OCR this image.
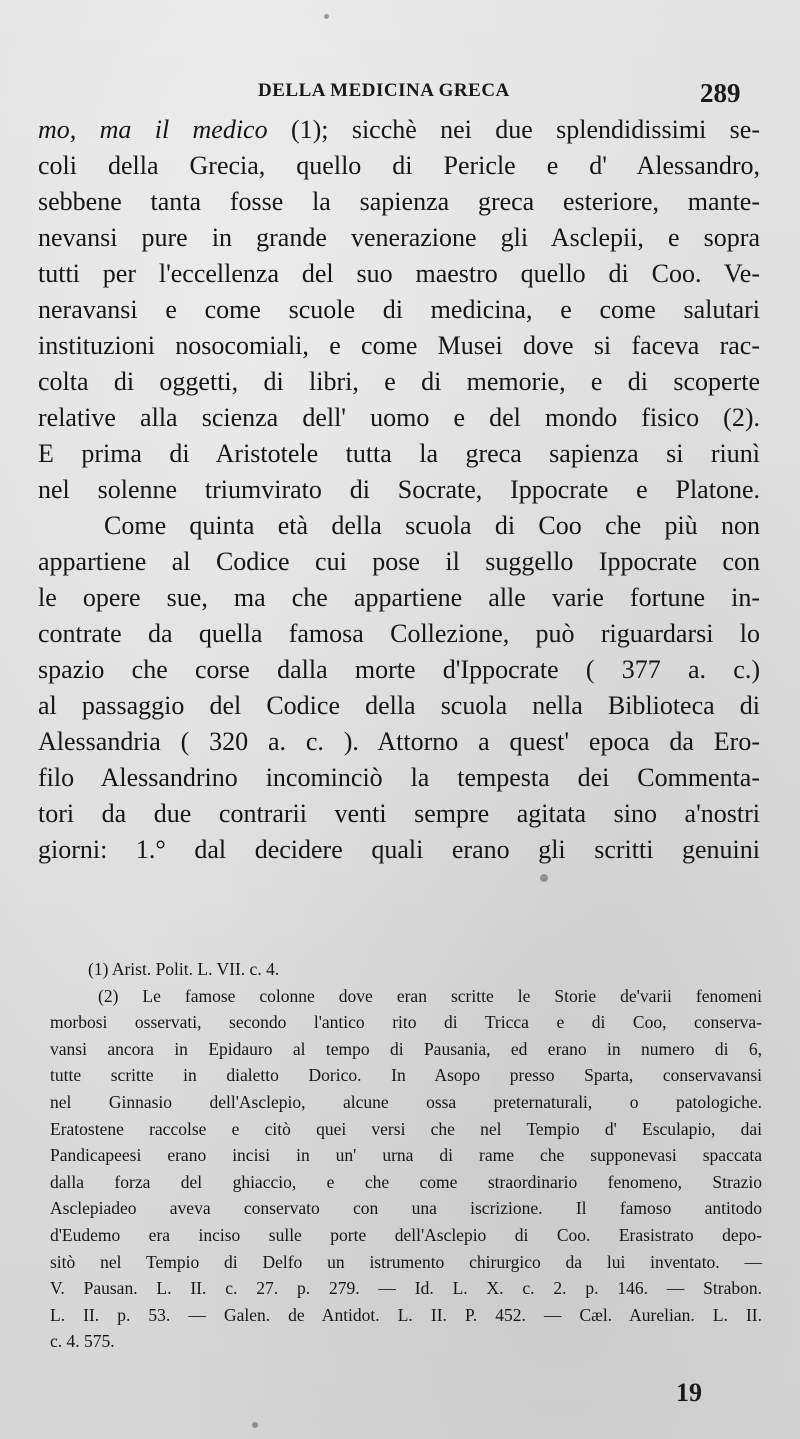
DELLA MEDICINA GRECA	289
mo, ma il medico (1); sicchè nei due splendidissimi se-
coli della Grecia, quello di Pericle e d' Alessandro,
sebbene tanta fosse la sapienza greca esteriore, mante-
nevansi pure in grande venerazione gli Asclepii, e sopra
tutti per l'eccellenza del suo maestro quello di Coo. Ve-
neravansi e come scuole di medicina, e come salutari
instituzioni nosocomiali, e come Musei dove si faceva rac-
colta di oggetti, di libri, e di memorie, e di scoperte
relative alla scienza dell' uomo e del mondo fisico (2).
E prima di Aristotele tutta la greca sapienza si riunì
nel solenne triumvirato di Socrate, Ippocrate e Platone.
Come quinta età della scuola di Coo che più non
appartiene al Codice cui pose il suggello Ippocrate con
le opere sue, ma che appartiene alle varie fortune in-
contrate da quella famosa Collezione, può riguardarsi lo
spazio che corse dalla morte d'Ippocrate ( 377 a. c.)
al passaggio del Codice della scuola nella Biblioteca di
Alessandria ( 320 a. c. ). Attorno a quest' epoca da Ero-
filo Alessandrino incominciò la tempesta dei Commenta-
tori da due contrarii venti sempre agitata sino a'nostri
giorni: 1.° dal decidere quali erano gli scritti genuini
(1) Arist. Polit. L. VII. c. 4.
(2) Le famose colonne dove eran scritte le Storie de'varii fenomeni
morbosi osservati, secondo l'antico rito di Tricca e di Coo, conserva-
vansi ancora in Epidauro al tempo di Pausania, ed erano in numero di 6,
tutte scritte in dialetto Dorico. In Asopo presso Sparta, conservavansi
nel Ginnasio dell'Asclepio, alcune ossa preternaturali, o patologiche.
Eratostene raccolse e citò quei versi che nel Tempio d' Esculapio, dai
Pandicapeesi erano incisi in un' urna di rame che supponevasi spaccata
dalla forza del ghiaccio, e che come straordinario fenomeno, Strazio
Asclepiadeo aveva conservato con una iscrizione. Il famoso antitodo
d'Eudemo era inciso sulle porte dell'Asclepio di Coo. Erasistrato depo-
sitò nel Tempio di Delfo un istrumento chirurgico da lui inventato. —
V. Pausan. L. II. c. 27. p. 279. — Id. L. X. c. 2. p. 146. — Strabon.
L. II. p. 53. — Galen. de Antidot. L. II. P. 452. — Cæl. Aurelian. L. II.
c. 4. 575.
19
